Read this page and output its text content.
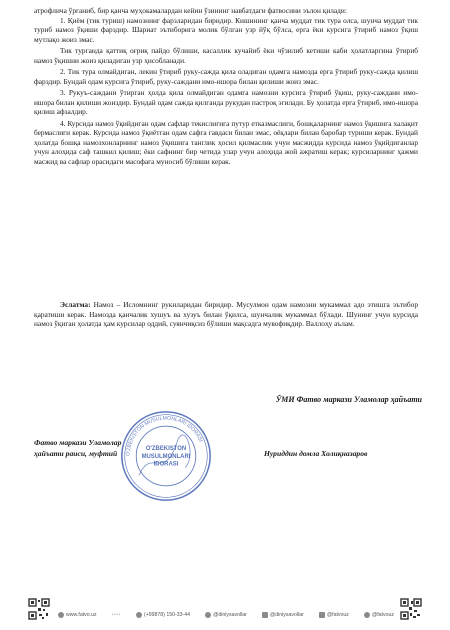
атрофлича ўрганиб, бир қанча муҳокамалардан кейин ўзининг навбатдаги фатвосини эълон қилади:

1. Қиём (тик туриш) намознинг фарзларидан биридир. Кишининг қанча муддат тик тура олса, шунча муддат тик туриб намоз ўқиши фарздир. Шариат эътиборига молик бўлган узр йўқ бўлса, ерга ёки курсига ўтириб намоз ўқиш мутлақо жоиз эмас.

Тик турганда қаттиқ оғриқ пайдо бўлиши, касаллик кучайиб ёки чўзилиб кетиши каби ҳолатларгина ўтириб намоз ўқишни жоиз қиладиган узр ҳисобланади.

2. Тик тура олмайдиган, лекин ўтириб руку-сажда қила оладиган одамга намозда ерга ўтириб руку-сажда қилиш фарздир. Бундай одам курсига ўтириб, руку-саждани имо-ишора билан қилиши жоиз эмас.

3. Рукуъ-саждани ўтирган ҳолда қила олмайдиган одамга намозни курсига ўтириб ўқиш, руку-саждани имо-ишора билан қилиши жоиздир. Бундай одам сажда қилганда рукудан пастроқ эгилади. Бу ҳолатда ерга ўтириб, имо-ишора қилиш афзалдир.

4. Курсида намоз ўқийдиган одам сафлар текислигига путур етказмаслиги, бошқаларнинг намоз ўқишига халақит бермаслиги керак. Курсида намоз ўқиётган одам сафга гавдаси билан эмас, оёқлари билан баробар туриши керак. Бундай ҳолатда бошқа намозхонларнинг намоз ўқишига танглик ҳосил қилмаслик учун масжидда курсида намоз ўқийдиганлар учун алоҳида саф ташкил қилиш; ёки сафнинг бир четида улар учун алоҳида жой ажратиш керак; курсиларнинг ҳажми масжид ва сафлар орасидаги масофага муносиб бўлиши керак.

Эслатма: Намоз – Исломнинг рукнларидан биридир. Мусулмон одам намозни мукаммал адо этишга эътибор қаратиши керак. Намозда қанчалик хушуъ ва хузуъ билан ўқилса, шунчалик мукаммал бўлади. Шунинг учун курсида намоз ўқиган ҳолатда ҳам курсилар оддий, суянчиқсиз бўлиши мақсадга мувофиқдир. Валлоҳу аълам.

ЎМИ Фатво маркази Уламолар ҳайъати
Фатво маркази Уламолар
ҳайъати раиси, муфтий	Нуриддин домла Холиқназаров
O'ZBEKISTON MUSULMONLARI IDORASI
O'ZBEKISTON
MUSULMONLARI
IDORASI
www.fatvo.uz	••••	(+99878) 150-33-44	@diniysavollar	@diniysavollar	@fatvouz	@fatvouz
